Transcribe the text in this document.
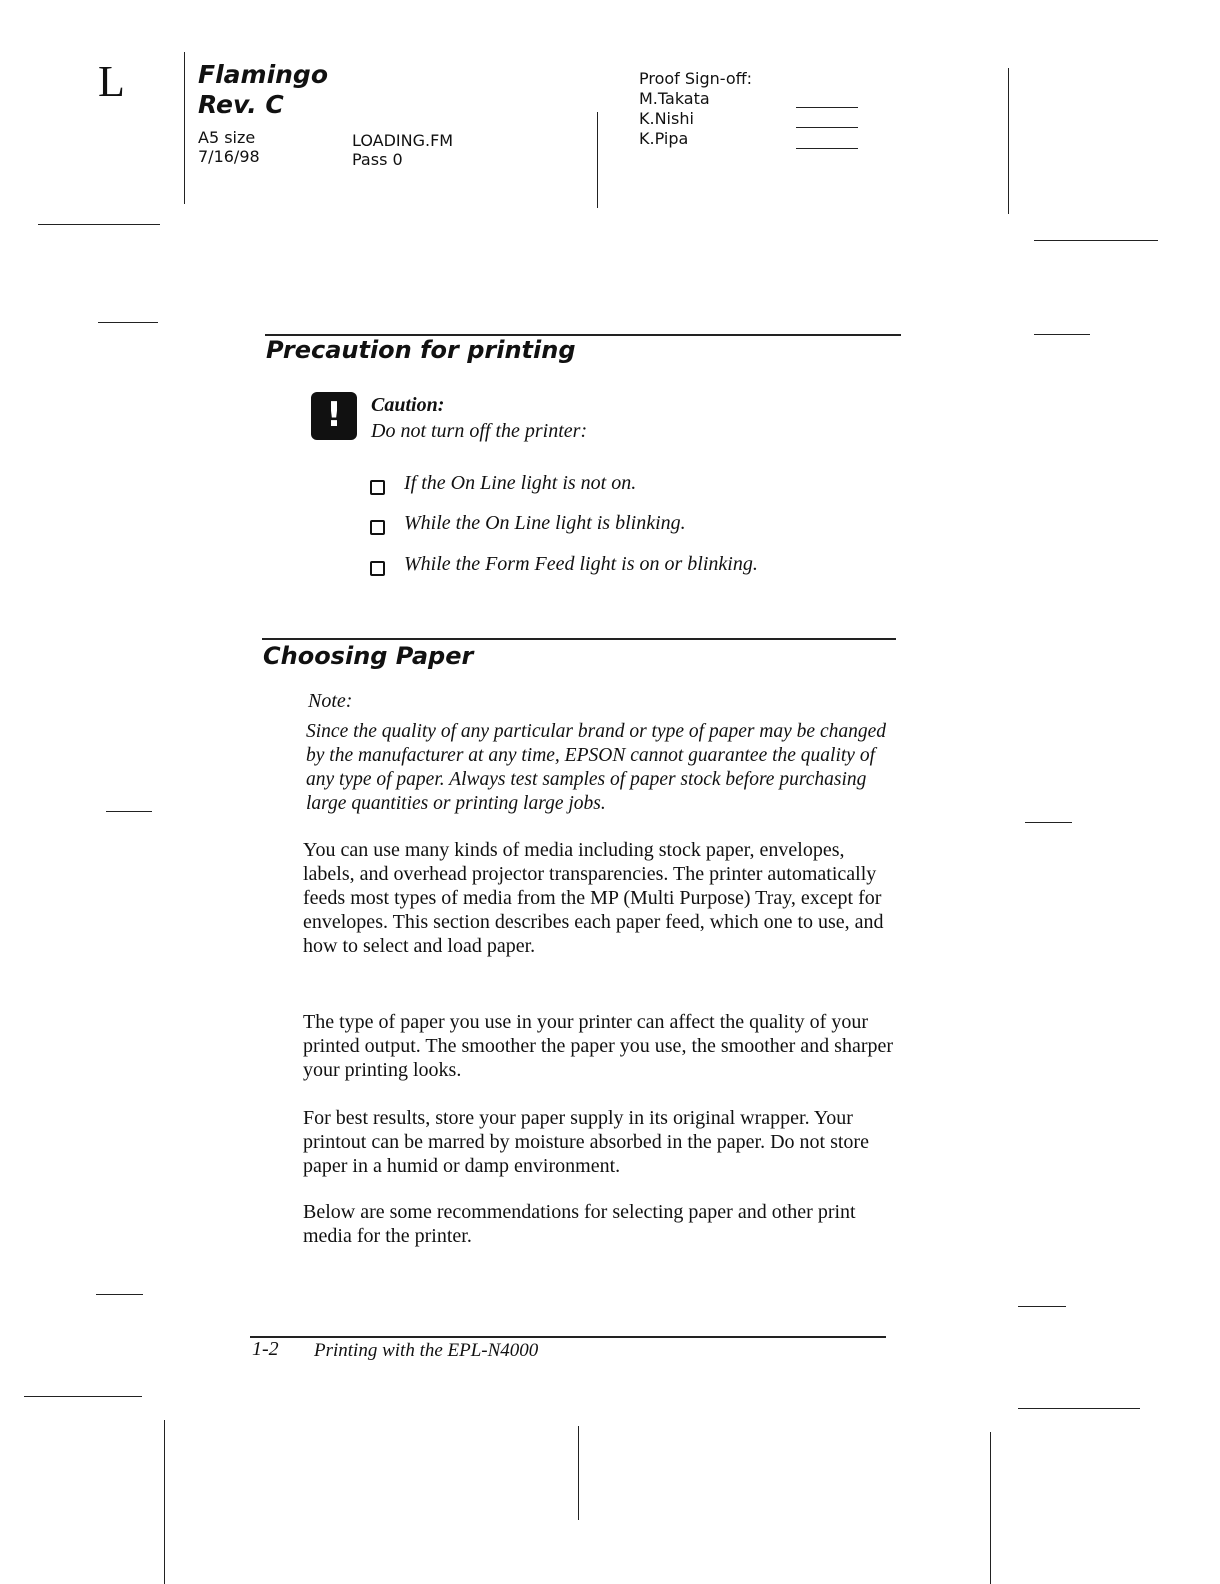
L	Flamingo
Rev. C
A5 size
7/16/98
LOADING.FM
Pass 0
Proof Sign-off:
M.Takata
K.Nishi
K.Pipa
Precaution for printing
!	Caution:
Do not turn off the printer:
If the On Line light is not on.
While the On Line light is blinking.
While the Form Feed light is on or blinking.
Choosing Paper
Note:
Since the quality of any particular brand or type of paper may be changed by the manufacturer at any time, EPSON cannot guarantee the quality of any type of paper. Always test samples of paper stock before purchasing large quantities or printing large jobs.
You can use many kinds of media including stock paper, envelopes, labels, and overhead projector transparencies. The printer automatically feeds most types of media from the MP (Multi Purpose) Tray, except for envelopes. This section describes each paper feed, which one to use, and how to select and load paper.
The type of paper you use in your printer can affect the quality of your printed output. The smoother the paper you use, the smoother and sharper your printing looks.
For best results, store your paper supply in its original wrapper. Your printout can be marred by moisture absorbed in the paper. Do not store paper in a humid or damp environment.
Below are some recommendations for selecting paper and other print media for the printer.
1-2 Printing with the EPL-N4000
